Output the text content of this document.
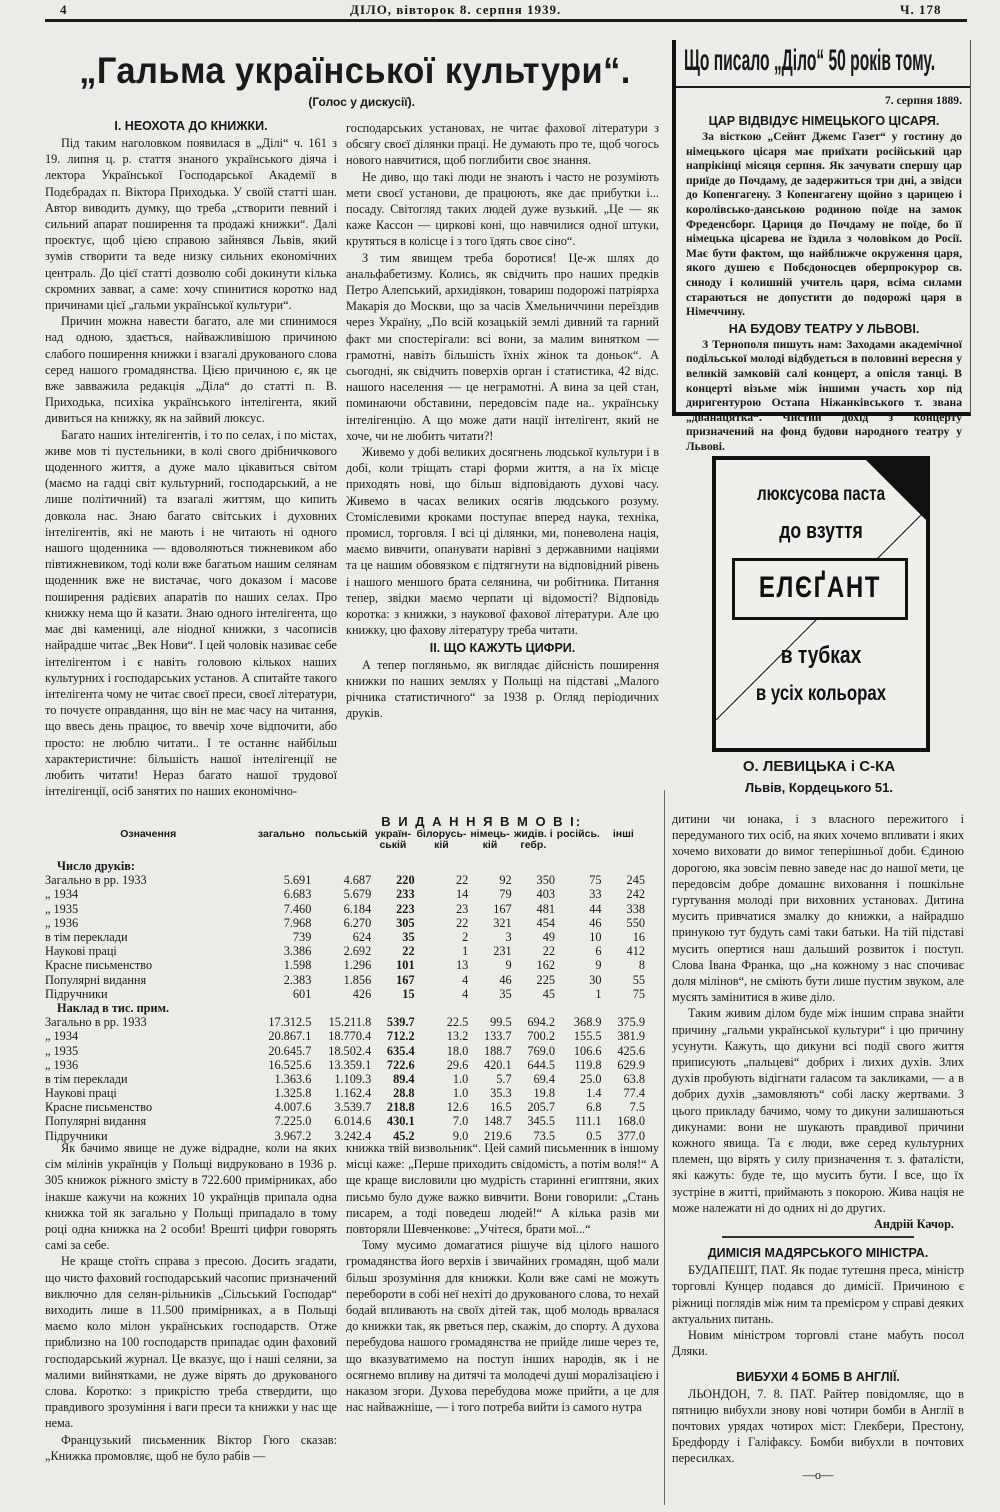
4	ДІЛО, вівторок 8. серпня 1939.	Ч. 178
„Гальма української культури“.
(Голос у дискусії).
I. НЕОХОТА ДО КНИЖКИ.

Під таким наголовком появилася в „Ділі“ ч. 161 з 19. липня ц. р. стаття знаного українського діяча і лектора Української Господарської Академії в Подєбрадах п. Віктора Приходька. У своїй статті шан. Автор виводить думку, що треба „створити певний і сильний апарат поширення та продажі книжки“. Далі проєктує, щоб цією справою зайнявся Львів, який зумів створити та веде низку сильних економічних централь. До цієї статті дозволю собі докинути кілька скромних завваг, а саме: хочу спинитися коротко над причинами цієї „гальми української культури“.

Причин можна навести багато, але ми спинимося над одною, здається, найважливішою причиною слабого поширення книжки і взагалі друкованого слова серед нашого громадянства. Цією причиною є, як це вже завважила редакція „Діла“ до статті п. В. Приходька, психіка українського інтелігента, який дивиться на книжку, як на зайвий люксус.

Багато наших інтелігентів, і то по селах, і по містах, живе мов ті пустельники, в колі свого дрібничкового щоденного життя, а дуже мало цікавиться світом (маємо на гадці світ культурний, господарський, а не лише політичний) та взагалі життям, що кипить довкола нас. Знаю багато світських і духовних інтелігентів, які не мають і не читають ні одного нашого щоденника — вдоволяються тижневиком або півтижневиком, тоді коли вже багатьом нашим селянам щоденник вже не вистачає, чого доказом і масове поширення радієвих апаратів по наших селах. Про книжку нема що й казати. Знаю одного інтелігента, що має дві камениці, але ніодної книжки, з часописів найрадше читає „Век Нови“. І цей чоловік називає себе інтелігентом і є навіть головою кількох наших культурних і господарських установ. А спитайте такого інтелігента чому не читає своєї преси, своєї літератури, то почуєте оправдання, що він не має часу на читання, що ввесь день працює, то ввечір хоче відпочити, або просто: не люблю читати.. І те останнє найбільш характеристичне: більшість нашої інтелігенції не любить читати! Нераз багато нашої трудової інтелігенції, осіб занятих по наших економічно-

господарських установах, не читає фахової літератури з обсягу своєї ділянки праці. Не думають про те, щоб чогось нового навчитися, щоб поглибити своє знання.

Не диво, що такі люди не знають і часто не розуміють мети своєї установи, де працюють, яке дає прибутки і... посаду. Світогляд таких людей дуже вузький. „Це — як каже Кассон — циркові коні, що навчилися одної штуки, крутяться в колісце і з того їдять своє сіно“.

З тим явищем треба боротися! Це-ж шлях до анальфабетизму. Колись, як свідчить про наших предків Петро Алепський, архидіякон, товариш подорожі патріярха Макарія до Москви, що за часів Хмельниччини переїздив через Україну, „По всій козацькій землі дивний та гарний факт ми спостерігали: всі вони, за малим винятком — грамотні, навіть більшість їхніх жінок та доньок“. А сьогодні, як свідчить поверхів орган і статистика, 42 відс. нашого населення — це неграмотні. А вина за цей стан, поминаючи обставини, передовсім паде на.. українську інтелігенцію. А що може дати нації інтелігент, який не хоче, чи не любить читати?!

Живемо у добі великих досягнень людської культури і в добі, коли тріщать старі форми життя, а на їх місце приходять нові, що більш відповідають духові часу. Живемо в часах великих осягів людського розуму. Стоміслевими кроками поступає вперед наука, техніка, промисл, торговля. І всі ці ділянки, ми, поневолена нація, маємо вивчити, опанувати нарівні з державними націями та це нашим обовязком є підтягнути на відповідний рівень і нашого меншого брата селянина, чи робітника. Питання тепер, звідки маємо черпати ці відомості? Відповідь коротка: з книжки, з наукової фахової літератури. Але цю книжку, цю фахову літературу треба читати.

II. ЩО КАЖУТЬ ЦИФРИ.

А тепер погляньмо, як виглядає дійсність поширення книжки по наших землях у Польщі на підставі „Малого річника статистичного“ за 1938 р. Огляд періодичних друків.

Означення			В И Д А Н Н Я В М О В І:					
	загально	польській	україн-ській	білорусь-кій	німець-кій	жидів. і гебр.	російсь.	інші
Число друків:								
Загально в рр. 1933	5.691	4.687	220	22	92	350	75	245
„ 1934	6.683	5.679	233	14	79	403	33	242
„ 1935	7.460	6.184	223	23	167	481	44	338
„ 1936	7.968	6.270	305	22	321	454	46	550
в тім переклади	739	624	35	2	3	49	10	16
Наукові праці	3.386	2.692	22	1	231	22	6	412
Красне письменство	1.598	1.296	101	13	9	162	9	8
Популярні видання	2.383	1.856	167	4	46	225	30	55
Підручники	601	426	15	4	35	45	1	75
Наклад в тис. прим.								
Загально в рр. 1933	17.312.5	15.211.8	539.7	22.5	99.5	694.2	368.9	375.9
„ 1934	20.867.1	18.770.4	712.2	13.2	133.7	700.2	155.5	381.9
„ 1935	20.645.7	18.502.4	635.4	18.0	188.7	769.0	106.6	425.6
„ 1936	16.525.6	13.359.1	722.6	29.6	420.1	644.5	119.8	629.9
в тім переклади	1.363.6	1.109.3	89.4	1.0	5.7	69.4	25.0	63.8
Наукові праці	1.325.8	1.162.4	28.8	1.0	35.3	19.8	1.4	77.4
Красне письменство	4.007.6	3.539.7	218.8	12.6	16.5	205.7	6.8	7.5
Популярні видання	7.225.0	6.014.6	430.1	7.0	148.7	345.5	111.1	168.0
Підручники	3.967.2	3.242.4	45.2	9.0	219.6	73.5	0.5	377.0

Як бачимо явище не дуже відрадне, коли на яких сім мілінів українців у Польщі видруковано в 1936 р. 305 книжок ріжного змісту в 722.600 примірниках, або інакше кажучи на кожних 10 українців припала одна книжка той як загально у Польщі припадало в тому році одна книжка на 2 особи! Врешті цифри говорять самі за себе.

Не краще стоїть справа з пресою. Досить згадати, що чисто фаховий господарський часопис призначений виключно для селян-рільників „Сільський Господар“ виходить лише в 11.500 примірниках, а в Польщі маємо коло мілон українських господарств. Отже приблизно на 100 господарств припадає один фаховий господарський журнал. Це вказує, що і наші селяни, за малими вийнятками, не дуже вірять до друкованого слова. Коротко: з прикрістю треба ствердити, що правдивого зрозуміння і ваги преси та книжки у нас ще нема.

Французький письменник Віктор Гюго сказав: „Книжка промовляє, щоб не було рабів —

книжка твій визвольник“. Цей самий письменник в іншому місці каже: „Перше приходить свідомість, а потім воля!“ А ще краще висловили цю мудрість старинні египтяни, яких письмо було дуже важко вивчити. Вони говорили: „Стань писарем, а тоді поведеш людей!“ А кілька разів ми повторяли Шевченкове: „Учітеся, брати мої...“

Тому мусимо домагатися рішуче від цілого нашого громадянства його верхів і звичайних громадян, щоб мали більш зрозуміння для книжки. Коли вже самі не можуть перебороти в собі неї нехіті до друкованого слова, то нехай бодай впливають на своїх дітей так, щоб молодь врвалася до книжки так, як рветься пер, скажім, до спорту. А духова перебудова нашого громадянства не прийде лише через те, що вказуватимемо на поступ інших народів, як і не осягнемо впливу на дитячі та молодечі душі моралізацією і наказом згори. Духова перебудова може прийти, а це для нас найважніше, — і того потреба вийти із самого нутра

Що писало „Діло“ 50 років тому.
7. серпня 1889.
ЦАР ВІДВІДУЄ НІМЕЦЬКОГО ЦІСАРЯ.

За вісткою „Сейнт Джемс Газет“ у гостину до німецького цісаря має приїхати російський цар напрікінці місяця серпня. Як зачувати спершу цар приїде до Почдаму, де задержиться три дні, а звідси до Копенгагену. З Копенгагену щойно з царицею і королівсько-данською родиною поїде на замок Фреденсборг. Цариця до Почдаму не поїде, бо її німецька цісарева не їздила з чоловіком до Росії. Має бути фактом, що найближче окруження царя, якого душею є Побєдоносцев оберпрокурор св. синоду і колишній учитель царя, всіма силами стараються не допустити до подорожі царя в Німеччину.

НА БУДОВУ ТЕАТРУ У ЛЬВОВІ.

З Тернополя пишуть нам: Заходами академічної подільської молоді відбудеться в половині вересня у великій замковій салі концерт, а опісля танці. В концерті візьме між іншими участь хор під диригентурою Остапа Ніжанківського т. звана „дванацятка“. Чистий дохід з концерту призначений на фонд будови народного театру у Львові.

люксусова паста
до взуття
ЕЛЄҐАНТ
в тубках
в усіх кольорах
О. ЛЕВИЦЬКА і С-КА
Львів, Кордецького 51.

дитини чи юнака, і з власного пережитого і передуманого тих осіб, на яких хочемо впливати і яких хочемо виховати до вимог теперішньої доби. Єдиною дорогою, яка зовсім певно заведе нас до нашої мети, це передовсім добре домашнє виховання і пошкільне гуртування молоді при виховних установах. Дитина мусить привчатися змалку до книжки, а найрадшо принукою тут будуть самі таки батьки. На тій підставі мусить опертися наш дальший розвиток і поступ. Слова Івана Франка, що „на кожному з нас спочиває доля мілінов“, не сміють бути лише пустим звуком, але мусять замінитися в живе діло.

Таким живим ділом буде між іншим справа знайти причину „гальми української культури“ і цю причину усунути. Кажуть, що дикуни всі події свого життя приписують „пальцеві“ добрих і лихих духів. Злих духів пробують відігнати галасом та закликами, — а в добрих духів „замовляють“ собі ласку жертвами. З цього прикладу бачимо, чому то дикуни залишаються дикунами: вони не шукають правдивої причини кожного явища. Та є люди, вже серед культурних племен, що вірять у силу призначення т. з. фаталісти, які кажуть: буде те, що мусить бути. І все, що їх зустріне в житті, приймають з покорою. Жива нація не може належати ні до одних ні до других.

Андрій Качор.
ДИМІСІЯ МАДЯРСЬКОГО МІНІСТРА.

БУДАПЕШТ, ПАТ. Як подає тутешня преса, міністр торговлі Кунцер подався до димісії. Причиною є ріжниці поглядів між ним та премієром у справі деяких актуальних питань.

Новим міністром торговлі стане мабуть посол Дляки.

ВИБУХИ 4 БОМБ В АНГЛІЇ.

ЛЬОНДОН, 7. 8. ПАТ. Райтер повідомляє, що в пятницю вибухли знову нові чотири бомби в Англії в почтових урядах чотирох міст: Глекбери, Престону, Бредфорду і Галіфаксу. Бомби вибухли в почтових пересилках.

—o—
